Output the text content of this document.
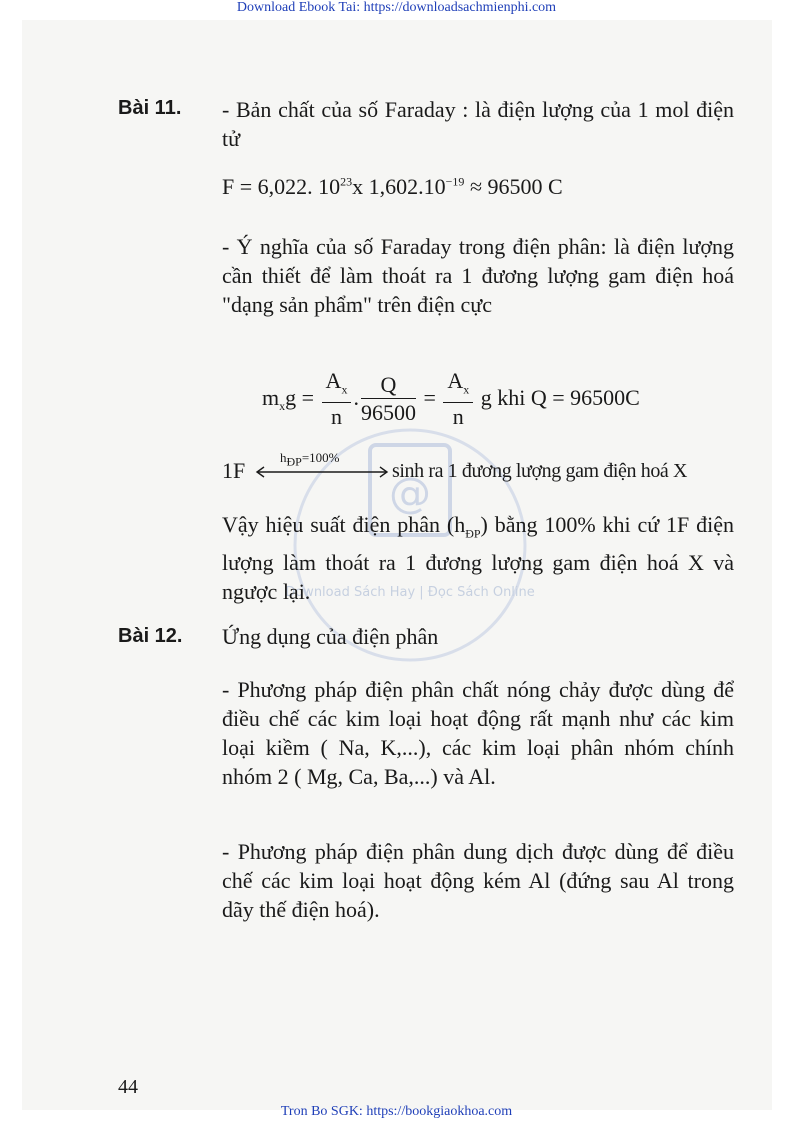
Download Ebook Tai: https://downloadsachmienphi.com
@
Download Sách Hay | Đọc Sách Online
Bài 11. - Bản chất của số Faraday : là điện lượng của 1 mol điện tử
F = 6,022. $10^{23}x$ $1,602.10^{-19} \approx 96500$ C
- Ý nghĩa của số Faraday trong điện phân: là điện lượng cần thiết để làm thoát ra 1 đương lượng gam điện hoá "dạng sản phẩm" trên điện cực
$m_xg = \frac{A_x}{n}$ . $\frac{Q}{96500} = \frac{A_x}{n}$ g khi Q = 96500C
1F
$h_{ĐP}=100\%$
sinh ra 1 đương lượng gam điện hoá X
Vậy hiệu suất điện phân $(h_{ĐP})$ bằng 100% khi cứ 1F điện lượng làm thoát ra 1 đương lượng gam điện hoá X và ngược lại.
Bài 12. Ứng dụng của điện phân
- Phương pháp điện phân chất nóng chảy được dùng để điều chế các kim loại hoạt động rất mạnh như các kim loại kiềm ( Na, K,...), các kim loại phân nhóm chính nhóm 2 ( Mg, Ca, Ba,...) và Al.
- Phương pháp điện phân dung dịch được dùng để điều chế các kim loại hoạt động kém Al (đứng sau Al trong dãy thế điện hoá).
44
Tron Bo SGK: https://bookgiaokhoa.com
